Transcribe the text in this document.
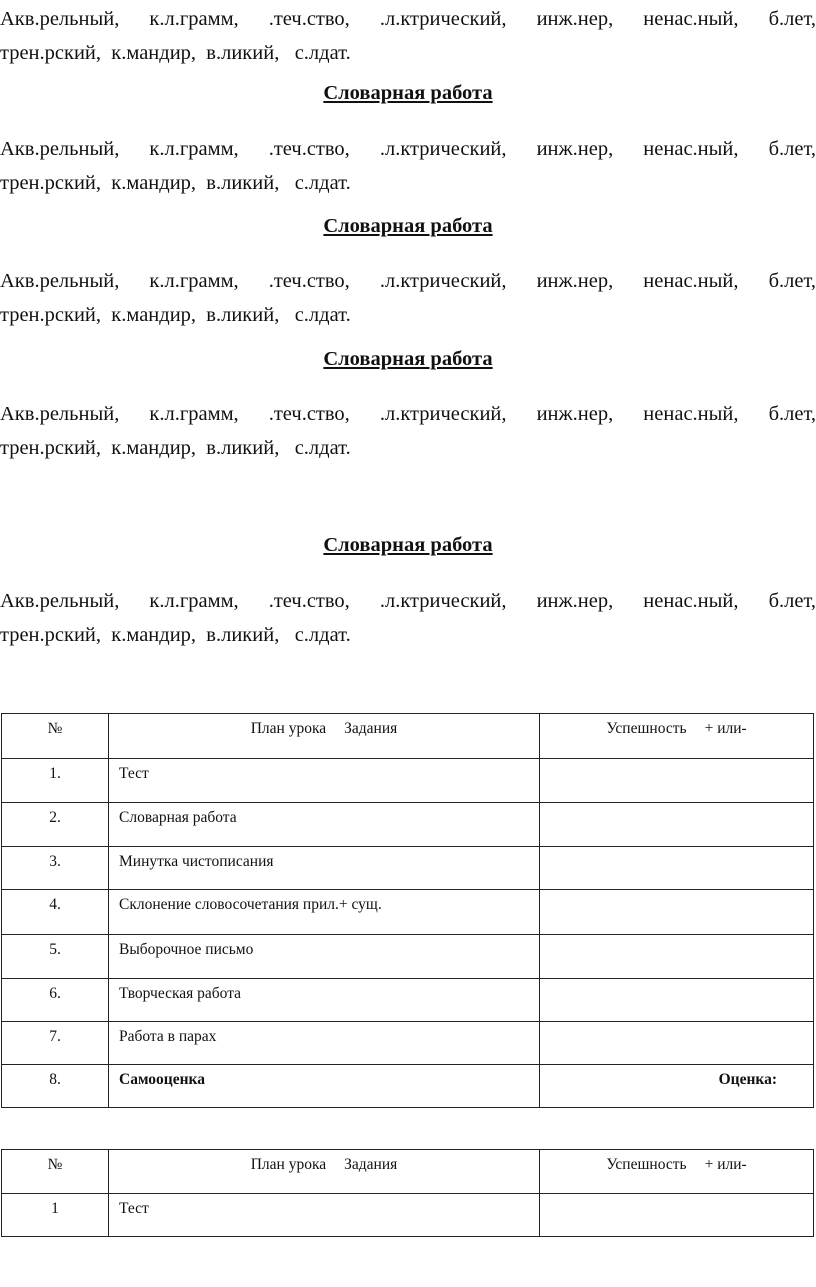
Акв.рельный, к.л.грамм, .теч.ство, .л.ктрический, инж.нер, ненас.ный, б.лет,
трен.рский,  к.мандир,  в.ликий,   с.лдат.
Словарная работа
Акв.рельный, к.л.грамм, .теч.ство, .л.ктрический, инж.нер, ненас.ный, б.лет,
трен.рский,  к.мандир,  в.ликий,   с.лдат.
Словарная работа
Акв.рельный, к.л.грамм, .теч.ство, .л.ктрический, инж.нер, ненас.ный, б.лет,
трен.рский,  к.мандир,  в.ликий,   с.лдат.
Словарная работа
Акв.рельный, к.л.грамм, .теч.ство, .л.ктрический, инж.нер, ненас.ный, б.лет,
трен.рский,  к.мандир,  в.ликий,   с.лдат.
Словарная работа
Акв.рельный, к.л.грамм, .теч.ство, .л.ктрический, инж.нер, ненас.ный, б.лет,
трен.рский,  к.мандир,  в.ликий,   с.лдат.
№	План урока Задания	Успешность + или-

1.	Тест	

2.	Словарная работа	

3.	Минутка чистописания	

4.	Склонение словосочетания прил.+ сущ.	

5.	Выборочное письмо	

6.	Творческая работа	

7.	Работа в парах	

8.	Самооценка	Оценка:
№	План урока Задания	Успешность + или-

1	Тест	
